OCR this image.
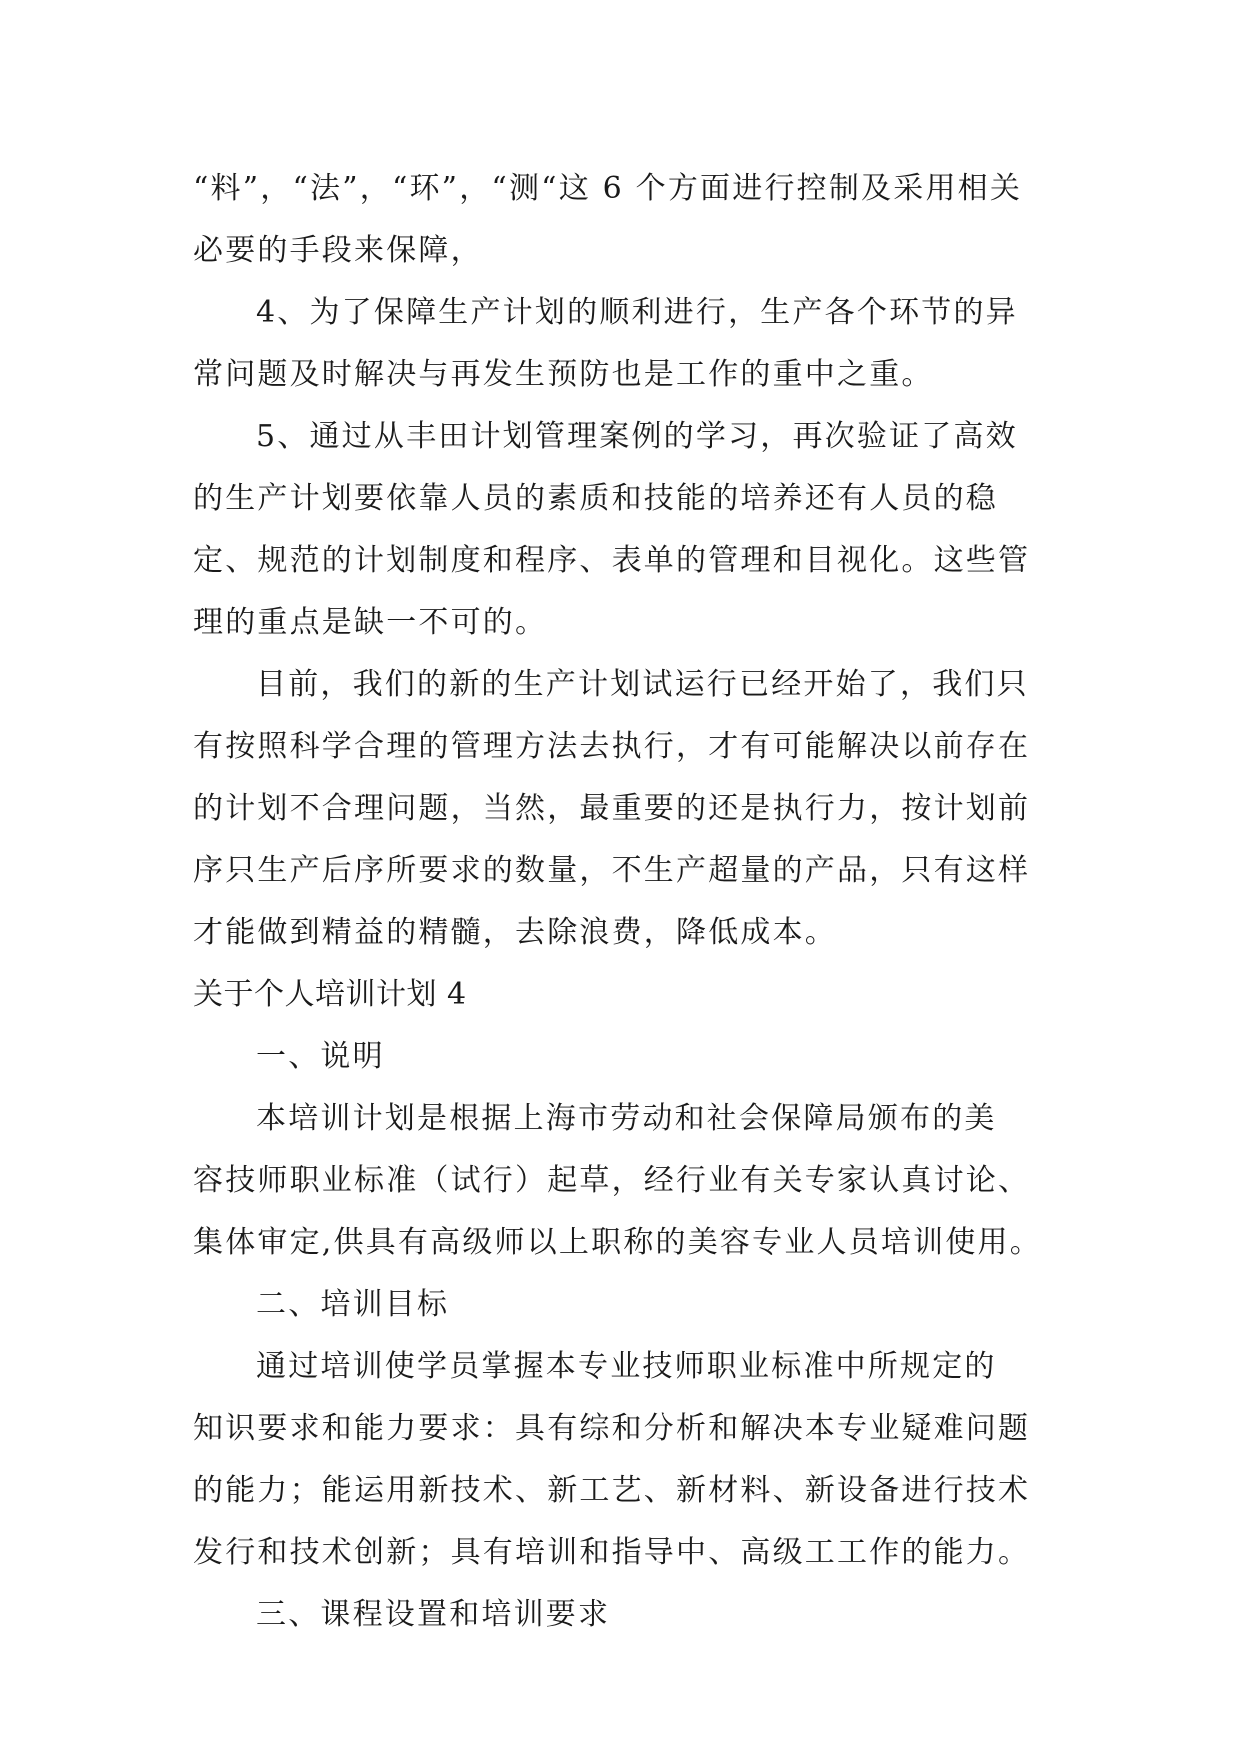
“料”，“法”，“环”，“测“这 6 个方面进行控制及采用相关
必要的手段来保障，
4、为了保障生产计划的顺利进行，生产各个环节的异
常问题及时解决与再发生预防也是工作的重中之重。
5、通过从丰田计划管理案例的学习，再次验证了高效
的生产计划要依靠人员的素质和技能的培养还有人员的稳
定、规范的计划制度和程序、表单的管理和目视化。这些管
理的重点是缺一不可的。
目前，我们的新的生产计划试运行已经开始了，我们只
有按照科学合理的管理方法去执行，才有可能解决以前存在
的计划不合理问题，当然，最重要的还是执行力，按计划前
序只生产后序所要求的数量，不生产超量的产品，只有这样
才能做到精益的精髓，去除浪费，降低成本。
关于个人培训计划 4
一、说明
本培训计划是根据上海市劳动和社会保障局颁布的美
容技师职业标准（试行）起草，经行业有关专家认真讨论、
集体审定,供具有高级师以上职称的美容专业人员培训使用。
二、培训目标
通过培训使学员掌握本专业技师职业标准中所规定的
知识要求和能力要求：具有综和分析和解决本专业疑难问题
的能力；能运用新技术、新工艺、新材料、新设备进行技术
发行和技术创新；具有培训和指导中、高级工工作的能力。
三、课程设置和培训要求
